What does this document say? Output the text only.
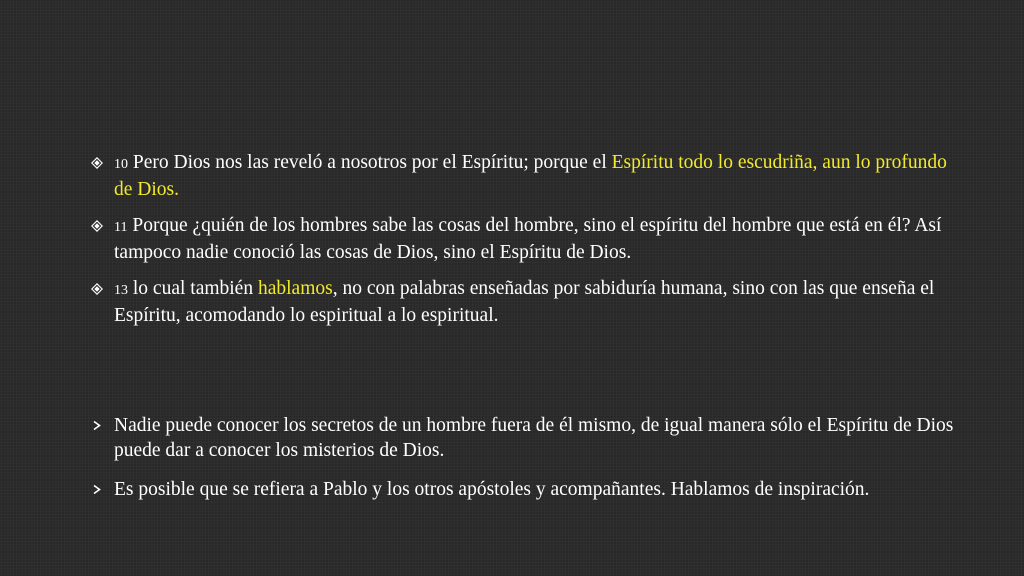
10 Pero Dios nos las reveló a nosotros por el Espíritu; porque el Espíritu todo lo escudriña, aun lo profundo de Dios.
11 Porque ¿quién de los hombres sabe las cosas del hombre, sino el espíritu del hombre que está en él? Así tampoco nadie conoció las cosas de Dios, sino el Espíritu de Dios.
13 lo cual también hablamos, no con palabras enseñadas por sabiduría humana, sino con las que enseña el Espíritu, acomodando lo espiritual a lo espiritual.
Nadie puede conocer los secretos de un hombre fuera de él mismo, de igual manera sólo el Espíritu de Dios puede dar a conocer los misterios de Dios.
Es posible que se refiera a Pablo y los otros apóstoles y acompañantes. Hablamos de inspiración.
